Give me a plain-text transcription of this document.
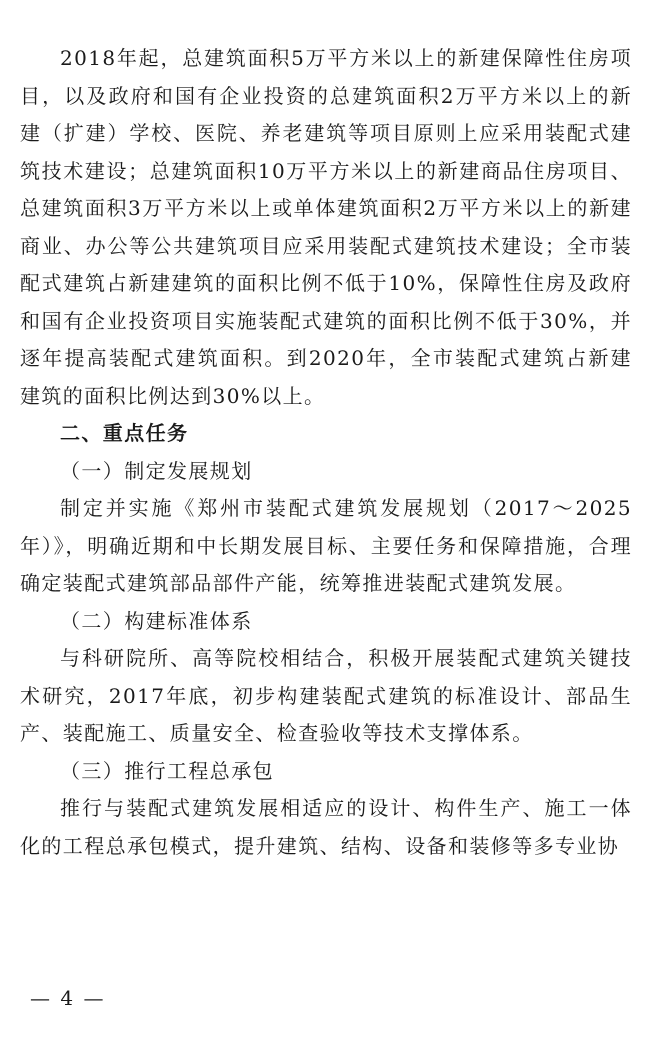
2018年起，总建筑面积5万平方米以上的新建保障性住房项目，以及政府和国有企业投资的总建筑面积2万平方米以上的新建（扩建）学校、医院、养老建筑等项目原则上应采用装配式建筑技术建设；总建筑面积10万平方米以上的新建商品住房项目、总建筑面积3万平方米以上或单体建筑面积2万平方米以上的新建商业、办公等公共建筑项目应采用装配式建筑技术建设；全市装配式建筑占新建建筑的面积比例不低于10%，保障性住房及政府和国有企业投资项目实施装配式建筑的面积比例不低于30%，并逐年提高装配式建筑面积。到2020年，全市装配式建筑占新建建筑的面积比例达到30%以上。

二、重点任务

（一）制定发展规划

制定并实施《郑州市装配式建筑发展规划（2017～2025年）》，明确近期和中长期发展目标、主要任务和保障措施，合理确定装配式建筑部品部件产能，统筹推进装配式建筑发展。

（二）构建标准体系

与科研院所、高等院校相结合，积极开展装配式建筑关键技术研究，2017年底，初步构建装配式建筑的标准设计、部品生产、装配施工、质量安全、检查验收等技术支撑体系。

（三）推行工程总承包

推行与装配式建筑发展相适应的设计、构件生产、施工一体化的工程总承包模式，提升建筑、结构、设备和装修等多专业协

— 4 —
